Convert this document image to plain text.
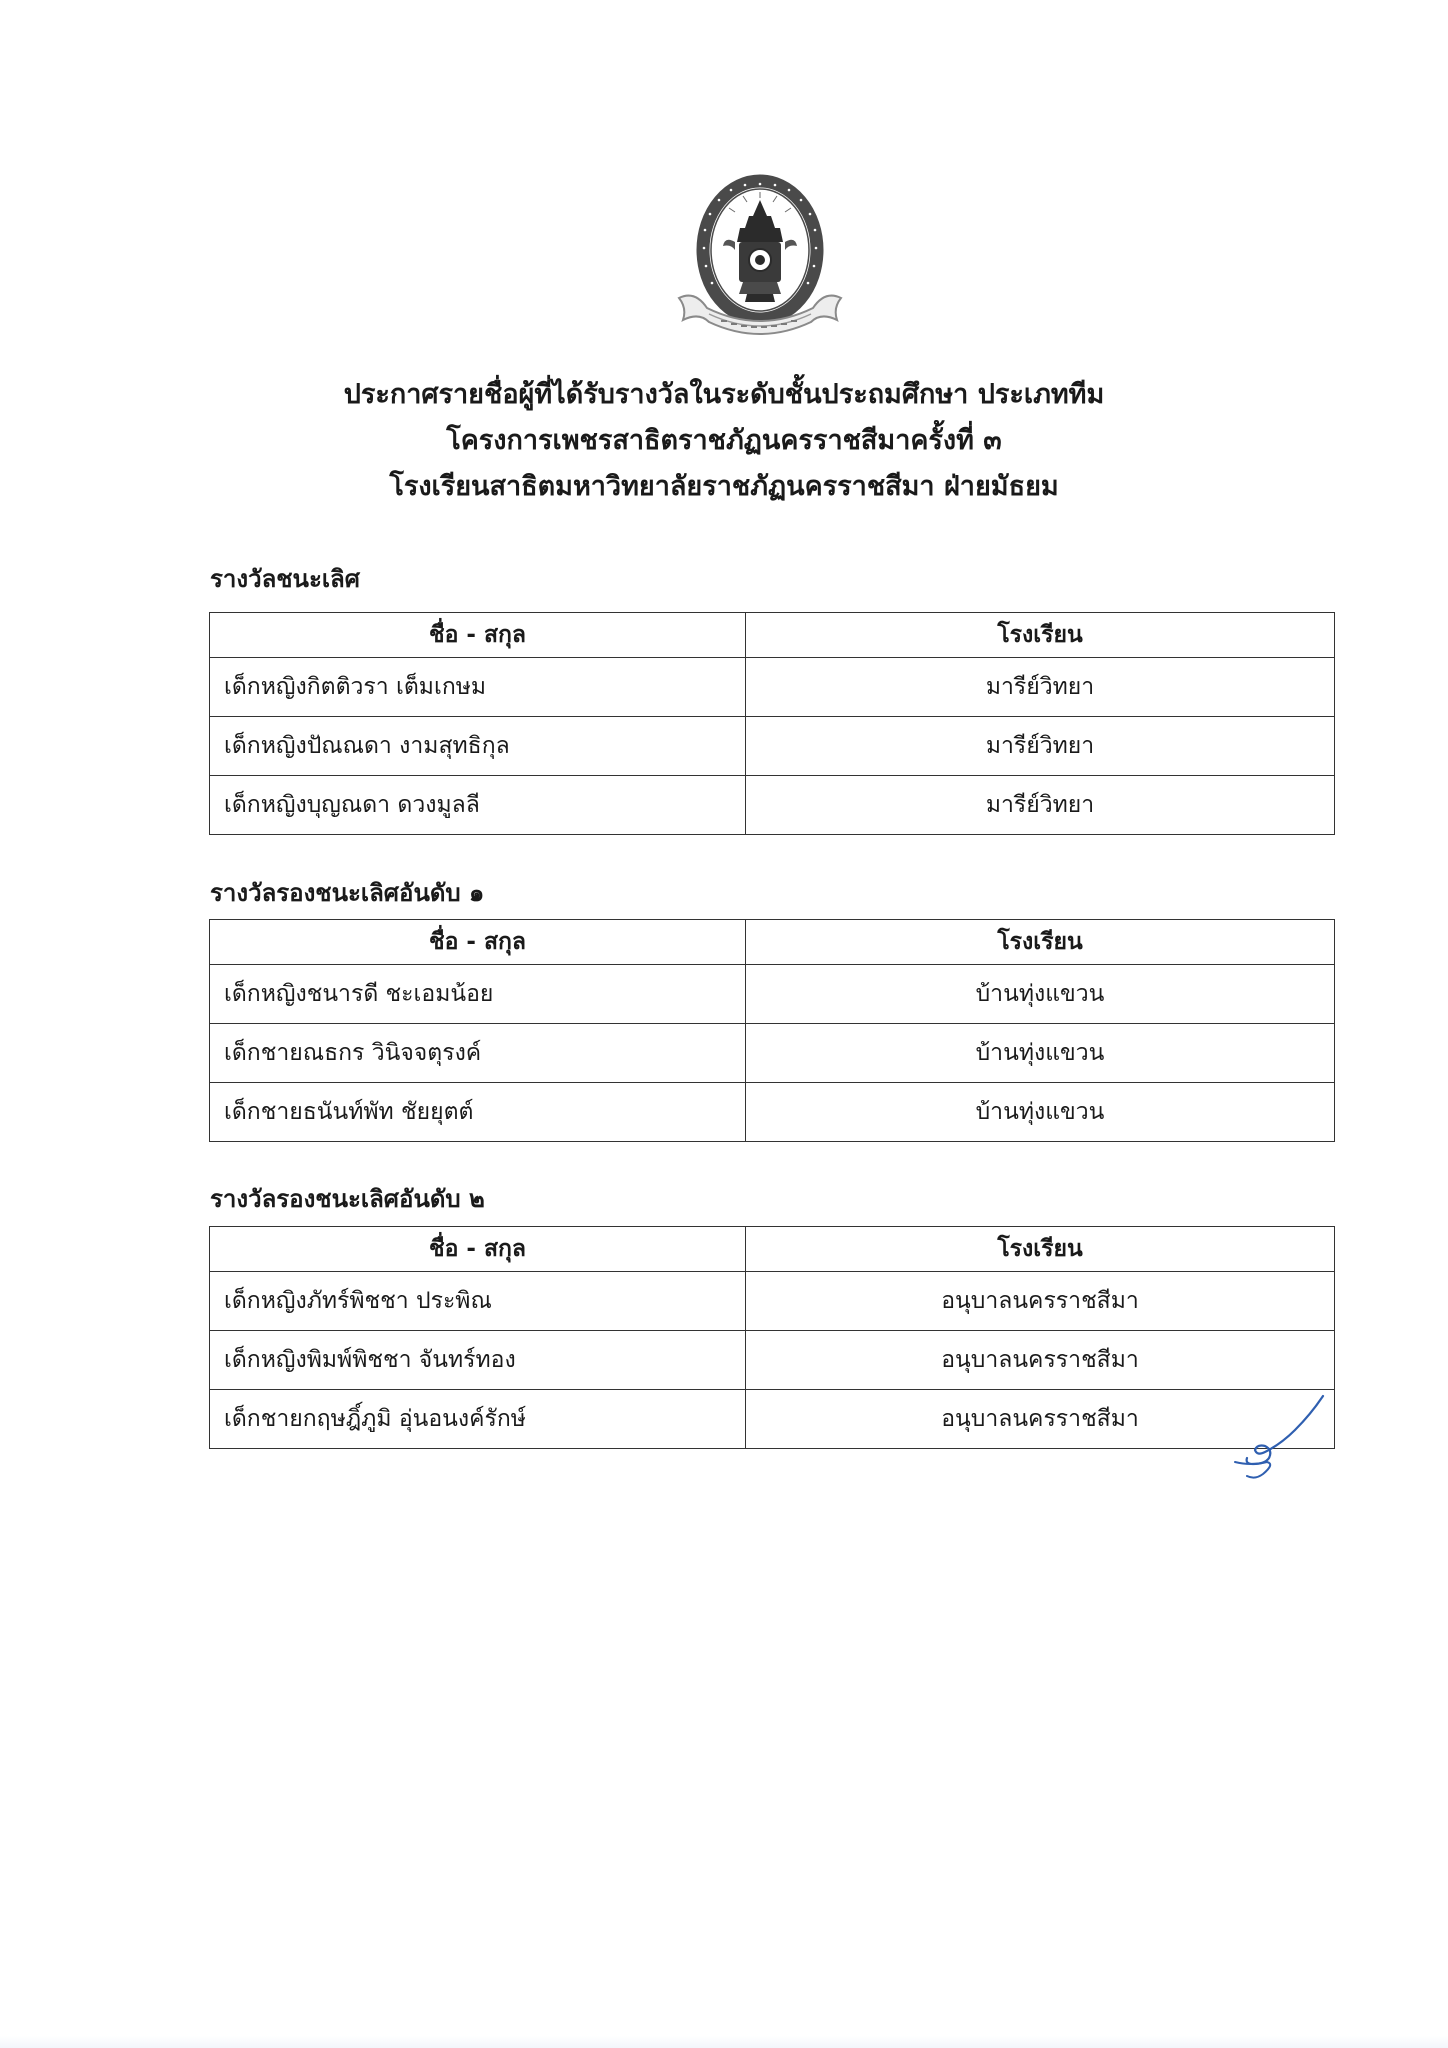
ประกาศรายชื่อผู้ที่ได้รับรางวัลในระดับชั้นประถมศึกษา ประเภททีม
โครงการเพชรสาธิตราชภัฏนครราชสีมาครั้งที่ ๓
โรงเรียนสาธิตมหาวิทยาลัยราชภัฏนครราชสีมา ฝ่ายมัธยม
รางวัลชนะเลิศ
ชื่อ - สกุล	โรงเรียน
เด็กหญิงกิตติวรา เต็มเกษม	มารีย์วิทยา
เด็กหญิงปัณณดา งามสุทธิกุล	มารีย์วิทยา
เด็กหญิงบุญณดา ดวงมูลลี	มารีย์วิทยา
รางวัลรองชนะเลิศอันดับ ๑
ชื่อ - สกุล	โรงเรียน
เด็กหญิงชนารดี ชะเอมน้อย	บ้านทุ่งแขวน
เด็กชายณธกร วินิจจตุรงค์	บ้านทุ่งแขวน
เด็กชายธนันท์พัท ชัยยุตต์	บ้านทุ่งแขวน
รางวัลรองชนะเลิศอันดับ ๒
ชื่อ - สกุล	โรงเรียน
เด็กหญิงภัทร์พิชชา ประพิณ	อนุบาลนครราชสีมา
เด็กหญิงพิมพ์พิชชา จันทร์ทอง	อนุบาลนครราชสีมา
เด็กชายกฤษฎิ์ภูมิ อุ่นอนงค์รักษ์	อนุบาลนครราชสีมา
